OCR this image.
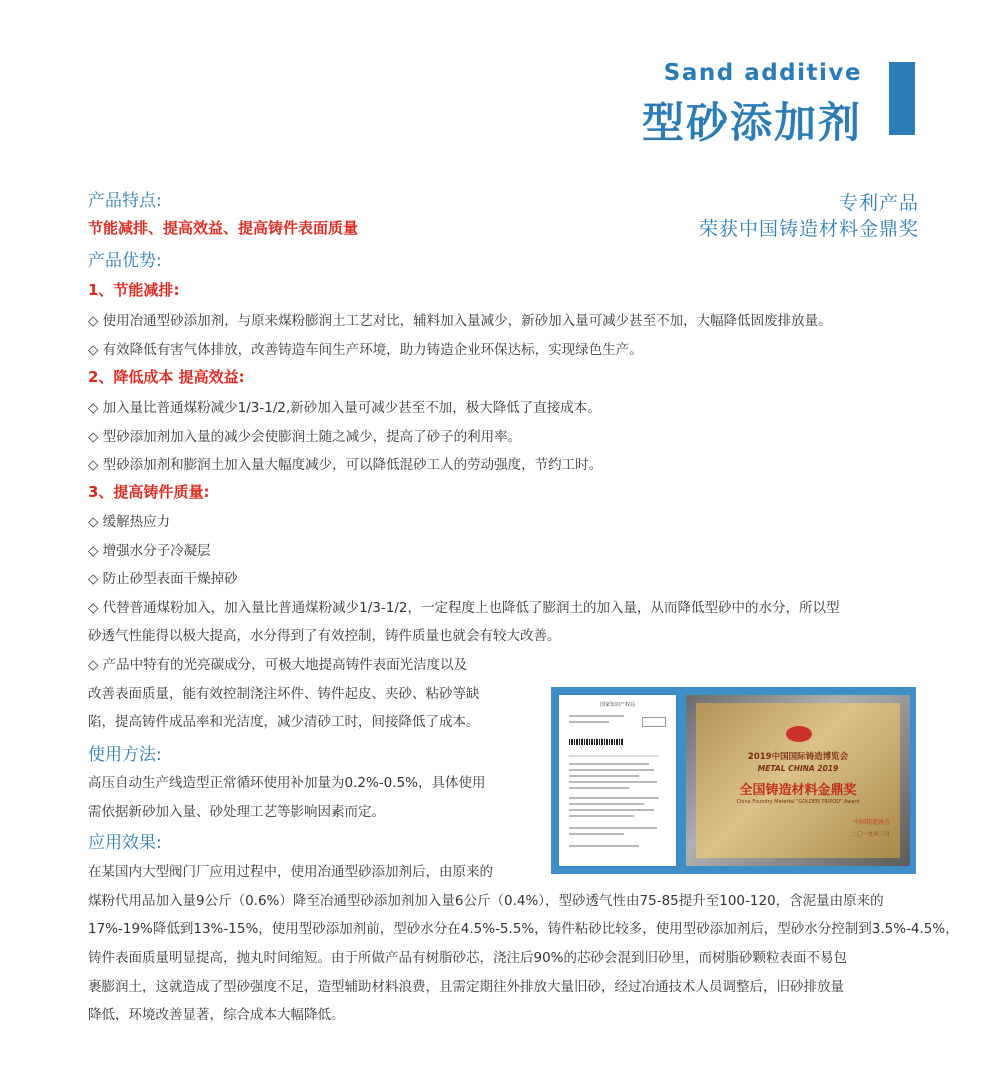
Sand additive
型砂添加剂
专利产品
荣获中国铸造材料金鼎奖
产品特点:
节能减排、提高效益、提高铸件表面质量
产品优势:
1、节能减排:
◇ 使用冶通型砂添加剂，与原来煤粉膨润土工艺对比，辅料加入量减少，新砂加入量可减少甚至不加，大幅降低固废排放量。
◇ 有效降低有害气体排放，改善铸造车间生产环境，助力铸造企业环保达标，实现绿色生产。
2、降低成本 提高效益:
◇ 加入量比普通煤粉减少1/3-1/2,新砂加入量可减少甚至不加，极大降低了直接成本。
◇ 型砂添加剂加入量的减少会使膨润土随之减少，提高了砂子的利用率。
◇ 型砂添加剂和膨润土加入量大幅度减少，可以降低混砂工人的劳动强度，节约工时。
3、提高铸件质量:
◇ 缓解热应力
◇ 增强水分子冷凝层
◇ 防止砂型表面干燥掉砂
◇ 代替普通煤粉加入，加入量比普通煤粉减少1/3-1/2，一定程度上也降低了膨润土的加入量，从而降低型砂中的水分，所以型
砂透气性能得以极大提高，水分得到了有效控制，铸件质量也就会有较大改善。
◇ 产品中特有的光亮碳成分，可极大地提高铸件表面光洁度以及
改善表面质量，能有效控制浇注坏件、铸件起皮、夹砂、粘砂等缺
陷，提高铸件成品率和光洁度，减少清砂工时，间接降低了成本。
使用方法:
高压自动生产线造型正常循环使用补加量为0.2%-0.5%，具体使用
需依据新砂加入量、砂处理工艺等影响因素而定。
应用效果:
在某国内大型阀门厂应用过程中，使用冶通型砂添加剂后，由原来的
煤粉代用品加入量9公斤（0.6%）降至冶通型砂添加剂加入量6公斤（0.4%），型砂透气性由75-85提升至100-120，含泥量由原来的
17%-19%降低到13%-15%，使用型砂添加剂前，型砂水分在4.5%-5.5%，铸件粘砂比较多，使用型砂添加剂后，型砂水分控制到3.5%-4.5%，
铸件表面质量明显提高，抛丸时间缩短。由于所做产品有树脂砂芯，浇注后90%的芯砂会混到旧砂里，而树脂砂颗粒表面不易包
裹膨润土，这就造成了型砂强度不足，造型辅助材料浪费，且需定期往外排放大量旧砂，经过冶通技术人员调整后，旧砂排放量
降低，环境改善显著，综合成本大幅降低。
国家知识产权局
2019中国国际铸造博览会
METAL CHINA 2019
全国铸造材料金鼎奖
China Foundry Material "GOLDEN TRIPOD" Award
中国铸造协会
二〇一九年三月
